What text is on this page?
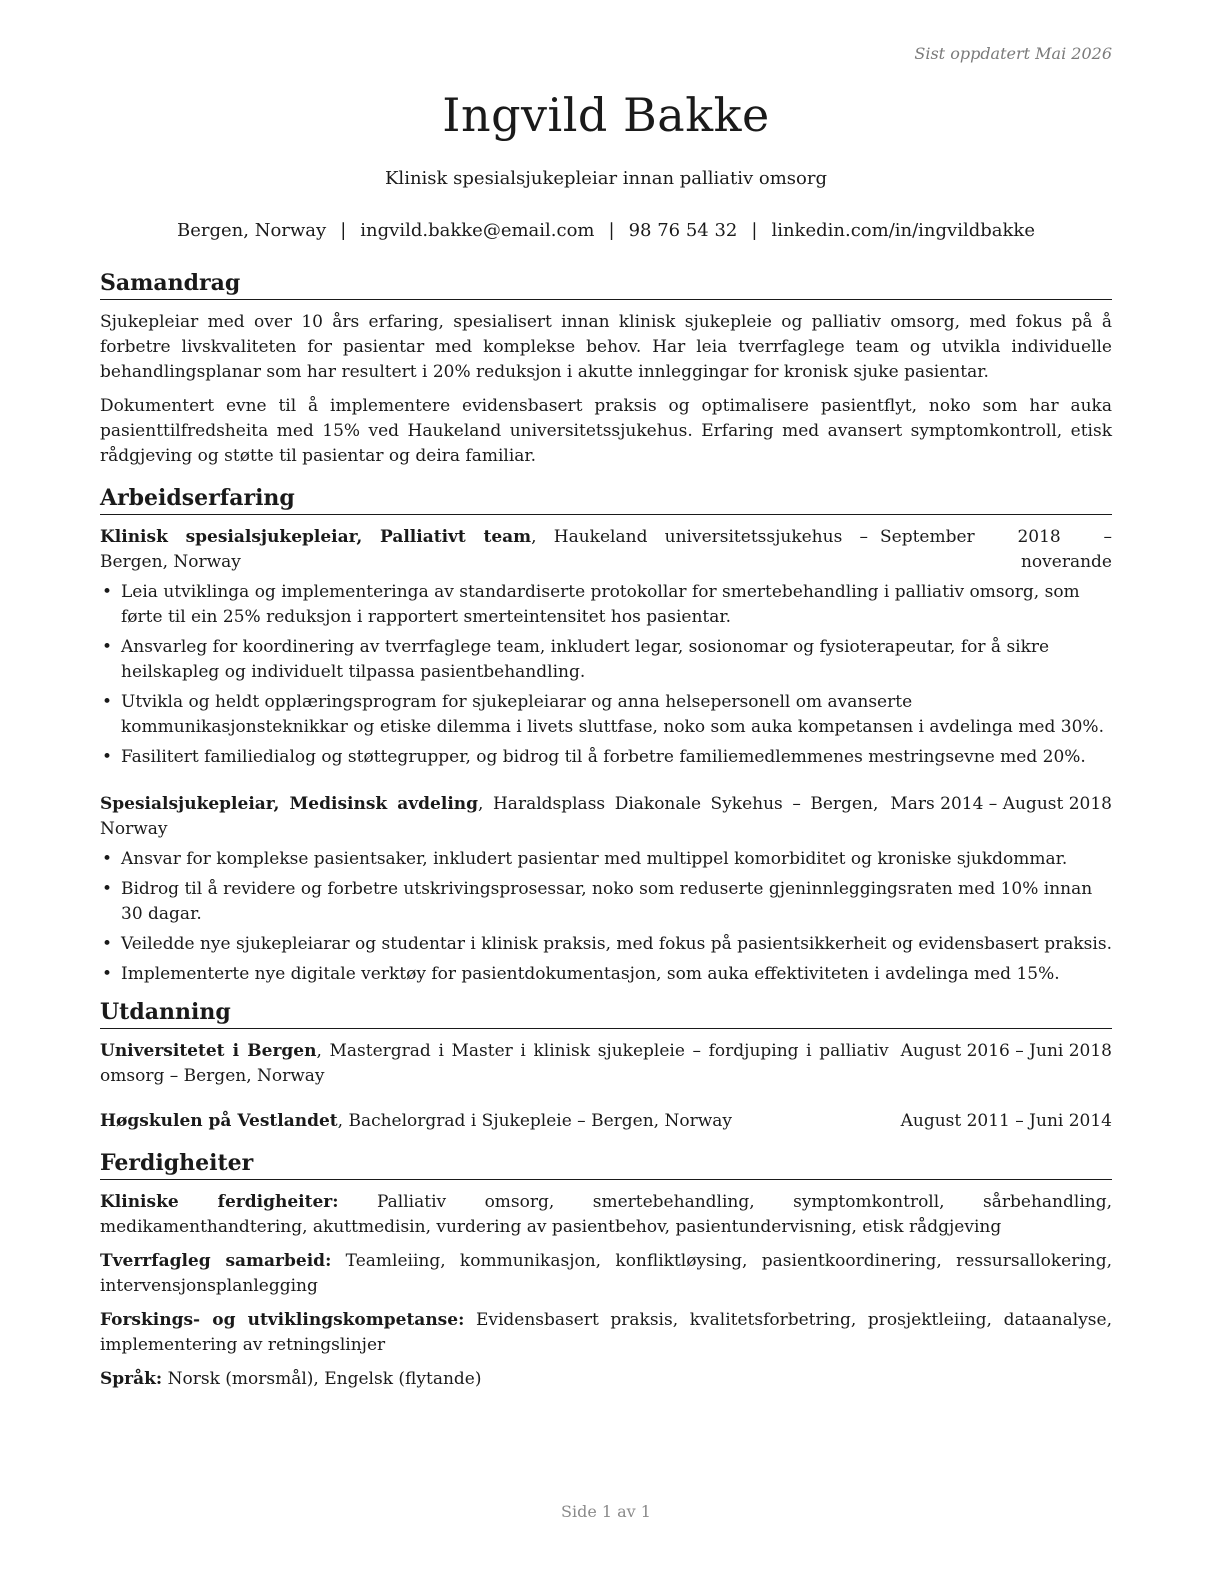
Sist oppdatert Mai 2026
Ingvild Bakke
Klinisk spesialsjukepleiar innan palliativ omsorg
Bergen, Norway | ingvild.bakke@email.com | 98 76 54 32 | linkedin.com/in/ingvildbakke
Samandrag

Sjukepleiar med over 10 års erfaring, spesialisert innan klinisk sjukepleie og palliativ omsorg, med fokus på å forbetre livskvaliteten for pasientar med komplekse behov. Har leia tverrfaglege team og utvikla individuelle behandlingsplanar som har resultert i 20% reduksjon i akutte innleggingar for kronisk sjuke pasientar.

Dokumentert evne til å implementere evidensbasert praksis og optimalisere pasientflyt, noko som har auka pasienttilfredsheita med 15% ved Haukeland universitetssjukehus. Erfaring med avansert symptomkontroll, etisk rådgjeving og støtte til pasientar og deira familiar.

Arbeidserfaring
Klinisk spesialsjukepleiar, Palliativt team, Haukeland universitetssjukehus – Bergen, Norway
September 2018 – noverande
• Leia utviklinga og implementeringa av standardiserte protokollar for smertebehandling i palliativ omsorg, som førte til ein 25% reduksjon i rapportert smerteintensitet hos pasientar.
• Ansvarleg for koordinering av tverrfaglege team, inkludert legar, sosionomar og fysioterapeutar, for å sikre heilskapleg og individuelt tilpassa pasientbehandling.
• Utvikla og heldt opplæringsprogram for sjukepleiarar og anna helsepersonell om avanserte kommunikasjonsteknikkar og etiske dilemma i livets sluttfase, noko som auka kompetansen i avdelinga med 30%.
• Fasilitert familiedialog og støttegrupper, og bidrog til å forbetre familiemedlemmenes mestringsevne med 20%.
Spesialsjukepleiar, Medisinsk avdeling, Haraldsplass Diakonale Sykehus – Bergen, Norway
Mars 2014 – August 2018
• Ansvar for komplekse pasientsaker, inkludert pasientar med multippel komorbiditet og kroniske sjukdommar.
• Bidrog til å revidere og forbetre utskrivingsprosessar, noko som reduserte gjeninnleggingsraten med 10% innan 30 dagar.
• Veiledde nye sjukepleiarar og studentar i klinisk praksis, med fokus på pasientsikkerheit og evidensbasert praksis.
• Implementerte nye digitale verktøy for pasientdokumentasjon, som auka effektiviteten i avdelinga med 15%.
Utdanning
Universitetet i Bergen, Mastergrad i Master i klinisk sjukepleie – fordjuping i palliativ omsorg – Bergen, Norway
August 2016 – Juni 2018
Høgskulen på Vestlandet, Bachelorgrad i Sjukepleie – Bergen, Norway	August 2011 – Juni 2014
Ferdigheiter

Kliniske ferdigheiter: Palliativ omsorg, smertebehandling, symptomkontroll, sårbehandling, medikamenthandtering, akuttmedisin, vurdering av pasientbehov, pasientundervisning, etisk rådgjeving

Tverrfagleg samarbeid: Teamleiing, kommunikasjon, konfliktløysing, pasientkoordinering, ressursallokering, intervensjonsplanlegging

Forskings- og utviklingskompetanse: Evidensbasert praksis, kvalitetsforbetring, prosjektleiing, dataanalyse, implementering av retningslinjer

Språk: Norsk (morsmål), Engelsk (flytande)

Side 1 av 1
